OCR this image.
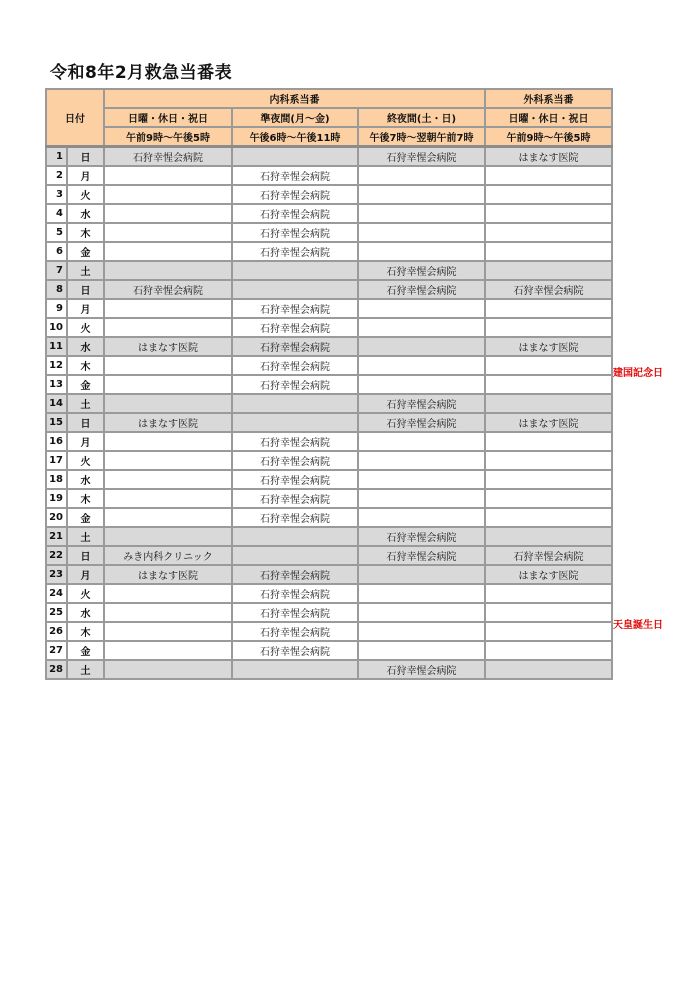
令和8年2月救急当番表
日付		内科系当番			外科系当番
		日曜・休日・祝日	準夜間(月～金)	終夜間(土・日)	日曜・休日・祝日
		午前9時～午後5時	午後6時～午後11時	午後7時～翌朝午前7時	午前9時～午後5時
1	日	石狩幸惺会病院		石狩幸惺会病院	はまなす医院
2	月		石狩幸惺会病院		
3	火		石狩幸惺会病院		
4	水		石狩幸惺会病院		
5	木		石狩幸惺会病院		
6	金		石狩幸惺会病院		
7	土			石狩幸惺会病院	
8	日	石狩幸惺会病院		石狩幸惺会病院	石狩幸惺会病院
9	月		石狩幸惺会病院		
10	火		石狩幸惺会病院		
11	水	はまなす医院	石狩幸惺会病院		はまなす医院
12	木		石狩幸惺会病院		
13	金		石狩幸惺会病院		
14	土			石狩幸惺会病院	
15	日	はまなす医院		石狩幸惺会病院	はまなす医院
16	月		石狩幸惺会病院		
17	火		石狩幸惺会病院		
18	水		石狩幸惺会病院		
19	木		石狩幸惺会病院		
20	金		石狩幸惺会病院		
21	土			石狩幸惺会病院	
22	日	みき内科クリニック		石狩幸惺会病院	石狩幸惺会病院
23	月	はまなす医院	石狩幸惺会病院		はまなす医院
24	火		石狩幸惺会病院		
25	水		石狩幸惺会病院		
26	木		石狩幸惺会病院		
27	金		石狩幸惺会病院		
28	土			石狩幸惺会病院	
建国記念日
天皇誕生日
